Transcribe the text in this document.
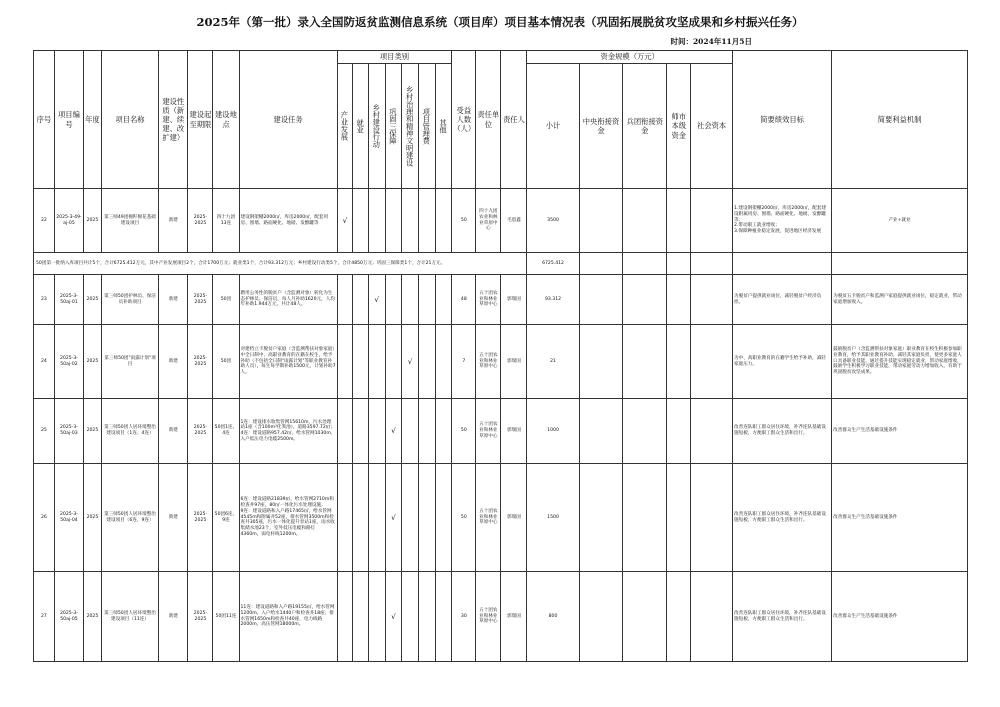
2025年（第一批）录入全国防返贫监测信息系统（项目库）项目基本情况表（巩固拓展脱贫攻坚成果和乡村振兴任务）
时间：2024年11月5日
序号	项目编号	年度	项目名称	建设性质（新建、续建、改扩建）	建设起至期限	建设地点	建设任务	项目类别							受益人数（人）	责任单位	责任人	资金规模（万元）					简要绩效目标	简要利益机制
								产业发展	就业	乡村建设行动	巩固三保障	乡村治理和精神文明建设	项目管理费	其他				小计	中央衔接资金	兵团衔接资金	师市本级资金	社会资本		
22	2025-3-49-aj-05	2025	第三师49团棉籽棉花基础建设项目	新建	2025-2025	四十九团13连	建设钢架棚2000㎡，库房2000㎡，配套用房、围墙、路面硬化、地磅、发酵罐等	√							50	四十九团农业和林业草原中心	毛恩鑫	3500					1.建设钢架棚2000㎡，库房2000㎡，配套建设附属用房、围墙、路面硬化、地磅、发酵罐等；
2.带动职工就业增收；
3.保障种植业稳定发展，促进地区经济发展	产业+就业
50团第一批纳入库项目共计5个，合计6725.412万元，其中产业发展项目2个，合计1700万元；就业类1个，合计93.312万元；乡村建设行动类5个，合计4850万元；巩固三保障类1个，合计21万元。																		6725.412						
23	2025-3-50aj-01	2025	第三师50团护林员、保洁员补助项目	新建	2025-2025	50团	聘用公务性的脱贫户（含监测对象）转化为生态护林员、保洁员，每人月补助1620元，人均年补助1.944万元，共计48人。			√					48	五十团农业和林业草原中心	郭瑞国	93.312					为脱贫户提供就业岗位，减轻脱贫户经济负担。	为脱贫五卡脱贫户和监测户家庭提供就业岗位，稳定就业，带动家庭增加收入。
24	2025-3-50aj-02	2025	第三师50团"雨露计划"项目	新建	2025-2025	50团	对建档立卡脱贫户家庭（含监测帮扶对象家庭）中全日制中、高职业教育的在籍在校生，给予补助（不包括全日制"雨露计划"等职业教育补助人员），每生每学期补助1500元，计划补助7人。					√			7	五十团农业和林业草原中心	郭瑞国	21					为中、高职业教育的在籍学生给予补助，减轻家庭压力。	鼓励脱贫户（含监测帮扶对象家庭）职业教育在校生积极参加职业教育，给予其职业教育补助，减轻其家庭负担，使更多家庭人口具备职业技能，通过提升技能实现稳定就业，带动家庭增收，鼓励学生积极学习职业技能，带动家庭劳动力增加收入，有助于巩固脱贫攻坚成果。
25	2025-3-50aj-03	2025	第三师50团人居环境整治建设项目（1连、4连）	新建	2025-2025	50团1连、4连	1连：建设排水收集管网15610m，污水处理站1座（含100m³化粪池），道路3597.72㎡；
4连：建设道路957.42㎡，给水管网1030m，入户低压电力电缆2500m。				√				50	五十团农业和林业草原中心	郭瑞国	1000					改善连队职工群众居住环境，补齐连队基础设施短板，方便职工群众生活和出行。	改善群众生产生活基础设施条件
26	2025-3-50aj-04	2025	第三师50团人居环境整治建设项目（6连、9连）	新建	2025-2025	50团6连、9连	6连：建设道路21839㎡，给水管网2710m和检查井97座，80㎡一体化污水处理设施。
9连：建设道路和入户路17465㎡，给水管网4545m和附属井52座，排水管网3500m和检查井305座，污水一体化提升泵站1座，雨水收集储水池23个，室外低压电缆和路灯4360m，弱电杆线1200m。				√				50	五十团农业和林业草原中心	郭瑞国	1500					改善连队职工群众居住环境，补齐连队基础设施短板，方便职工群众生活和出行。	改善群众生产生活基础设施条件
27	2025-3-50aj-05	2025	第三师50团人居环境整治建设项目（11连）	新建	2025-2025	50团11连	11连：建设道路和入户路19155㎡，给水管网1200m、入户给水1440户和检查井18座；排水管网1650m和检查井40座，电力线路2000m，高压管网18000m。				√				30	五十团农业和林业草原中心	郭瑞国	800					改善连队职工群众居住环境，补齐连队基础设施短板，方便职工群众生活和出行。	改善群众生产生活基础设施条件
